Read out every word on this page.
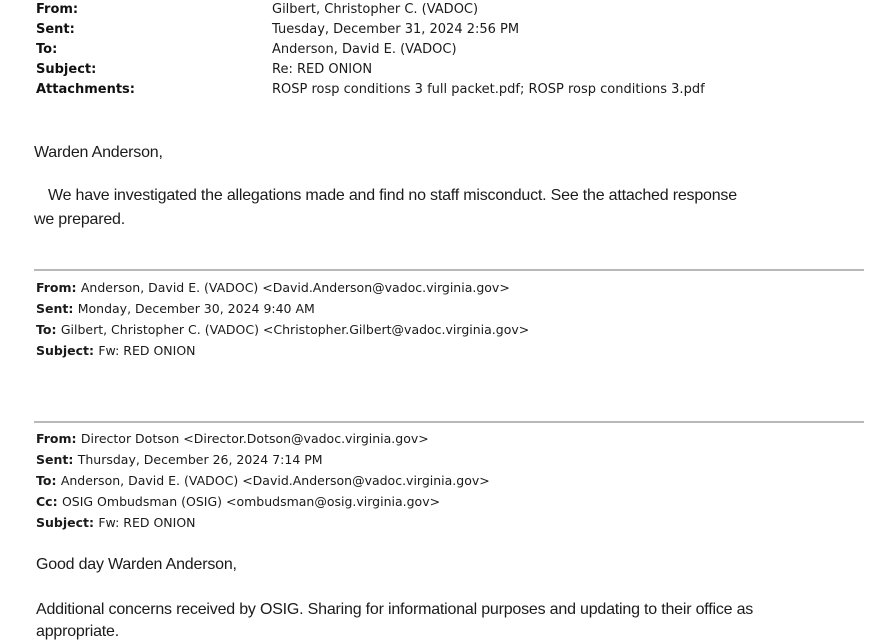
From:	Gilbert, Christopher C. (VADOC)
Sent:	Tuesday, December 31, 2024 2:56 PM
To:	Anderson, David E. (VADOC)
Subject:	Re: RED ONION
Attachments:	ROSP rosp conditions 3 full packet.pdf; ROSP rosp conditions 3.pdf
Warden Anderson,
We have investigated the allegations made and find no staff misconduct. See the attached response
we prepared.
From: Anderson, David E. (VADOC) <David.Anderson@vadoc.virginia.gov>
Sent: Monday, December 30, 2024 9:40 AM
To: Gilbert, Christopher C. (VADOC) <Christopher.Gilbert@vadoc.virginia.gov>
Subject: Fw: RED ONION
From: Director Dotson <Director.Dotson@vadoc.virginia.gov>
Sent: Thursday, December 26, 2024 7:14 PM
To: Anderson, David E. (VADOC) <David.Anderson@vadoc.virginia.gov>
Cc: OSIG Ombudsman (OSIG) <ombudsman@osig.virginia.gov>
Subject: Fw: RED ONION
Good day Warden Anderson,
Additional concerns received by OSIG. Sharing for informational purposes and updating to their office as
appropriate.
